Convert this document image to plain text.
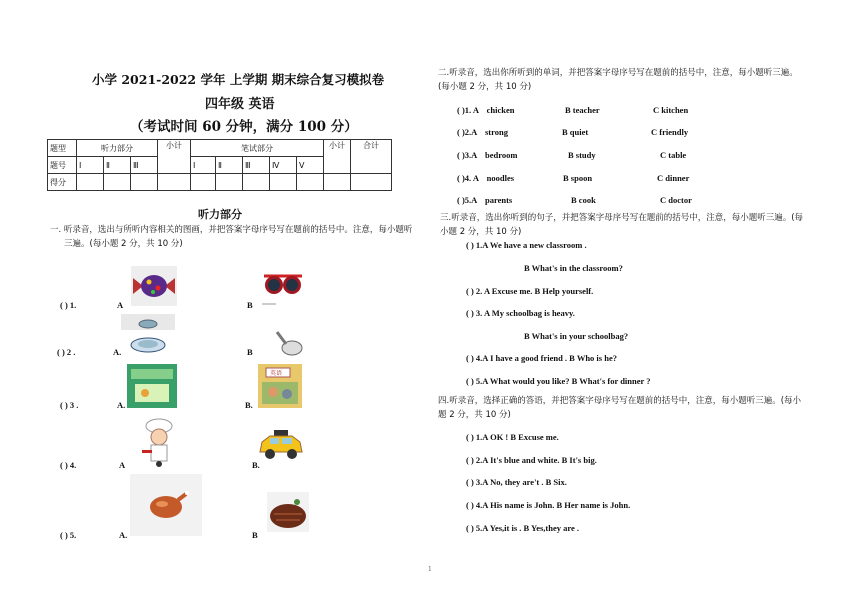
小学 2021-2022 学年 上学期 期末综合复习模拟卷
四年级 英语
（考试时间 60 分钟，满分 100 分）
题型	听力部分			小计	笔试部分					小计	合计
题号	Ⅰ	Ⅱ	Ⅲ		Ⅰ	Ⅱ	Ⅲ	Ⅳ	Ⅴ		
得分											
听力部分
一. 听录音，选出与所听内容相关的图画，并把答案字母序号写在题前的括号中。注意，每小题听
三遍。(每小题 2 分，共 10 分)
( ) 1.	A	B
( ) 2 .	A.	B
( ) 3 .	A.	B.
( ) 4.	A	B.
( ) 5.	A.	B
英语
二.听录音，选出你所听到的单词，并把答案字母序号写在题前的括号中，注意，每小题听三遍。
(每小题 2 分，共 10 分)
( )1. A chicken	B teacher	C kitchen
( )2.A strong	B quiet	C friendly
( )3.A bedroom	B study	C table
( )4. A noodles	B spoon	C dinner
( )5.A parents	B cook	C doctor
三.听录音，选出你听到的句子，并把答案字母序号写在题前的括号中，注意，每小题听三遍。(每
小题 2 分，共 10 分)
( ) 1.A We have a new classroom .
B What's in the classroom?
( ) 2. A Excuse me. B Help yourself.
( ) 3. A My schoolbag is heavy.
B What's in your schoolbag?
( ) 4.A I have a good friend . B Who is he?
( ) 5.A What would you like? B What's for dinner ?
四.听录音，选择正确的答语，并把答案字母序号写在题前的括号中，注意，每小题听三遍。(每小
题 2 分，共 10 分)
( ) 1.A OK ! B Excuse me.
( ) 2.A It's blue and white. B It's big.
( ) 3.A No, they are't . B Six.
( ) 4.A His name is John. B Her name is John.
( ) 5.A Yes,it is . B Yes,they are .
1
